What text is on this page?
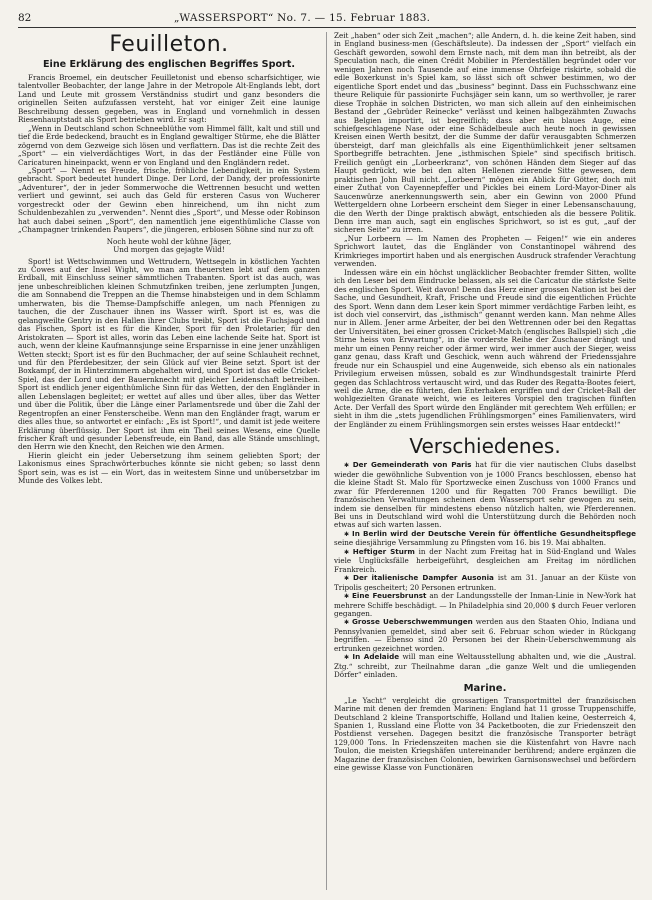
82	„WASSERSPORT“ No. 7. — 15. Februar 1883.
Feuilleton.
Eine Erklärung des englischen Begriffes Sport.

Francis Broemel, ein deutscher Feuilletonist und ebenso scharfsichtiger, wie talentvoller Beobachter, der lange Jahre in der Metropole Alt-Englands lebt, dort Land und Leute mit grossem Verständniss studirt und ganz besonders die originellen Seiten aufzufassen versteht, hat vor einiger Zeit eine launige Beschreibung dessen gegeben, was in England und vornehmlich in dessen Riesenhauptstadt als Sport betrieben wird. Er sagt:

„Wenn in Deutschland schon Schneeblüthe vom Himmel fällt, kalt und still und tief die Erde bedeckend, braucht es in England gewaltiger Stürme, ehe die Blätter zögernd von dem Gezweige sich lösen und verflattern. Das ist die rechte Zeit des „Sport“ — ein vielverdächtiges Wort, in das der Festländer eine Fülle von Caricaturen hineinpackt, wenn er von England und den Engländern redet.

„Sport“ — Nennt es Freude, frische, fröhliche Lebendigkeit, in ein System gebracht. Sport bedeutet hundert Dinge. Der Lord, der Dandy, der professionirte „Adventurer“, der in jeder Sommerwoche die Wettrennen besucht und wetten verliert und gewinnt, sei auch das Geld für ersteren Casus von Wucherer vorgestreckt oder der Gewinn eben hinreichend, um ihn nicht zum Schuldenbezahlen zu „verwenden“. Nennt dies „Sport“, und Messe oder Robinson hat auch dabei seinen „Sport“, den namentlich jene eigenthümliche Classe von „Champagner trinkenden Paupers“, die jüngeren, erblosen Söhne sind nur zu oft

Noch heute wohl der kühne Jäger,
Und morgen das gejagte Wild!

Sport! ist Wettschwimmen und Wettrudern, Wettsegeln in köstlichen Yachten zu Cowes auf der Insel Wight, wo man am theuersten lebt auf dem ganzen Erdball, mit Einschluss seiner sämmtlichen Trabanten. Sport ist das auch, was jene unbeschreiblichen kleinen Schmutzfinken treiben, jene zerlumpten Jungen, die am Sonnabend die Treppen an die Themse hinabsteigen und in dem Schlamm umherwaten, bis die Themse-Dampfschiffe anlegen, um nach Pfennigen zu tauchen, die der Zuschauer ihnen ins Wasser wirft. Sport ist es, was die gelangweilte Gentry in den Hallen ihrer Clubs treibt, Sport ist die Fuchsjagd und das Fischen, Sport ist es für die Kinder, Sport für den Proletarier, für den Aristokraten — Sport ist alles, worin das Leben eine lachende Seite hat. Sport ist auch, wenn der kleine Kaufmannsjunge seine Ersparnisse in eine jener unzähligen Wetten steckt; Sport ist es für den Buchmacher, der auf seine Schlauheit rechnet, und für den Pferdebesitzer, der sein Glück auf vier Beine setzt. Sport ist der Boxkampf, der in Hinterzimmern abgehalten wird, und Sport ist das edle Cricket-Spiel, das der Lord und der Bauernknecht mit gleicher Leidenschaft betreiben. Sport ist endlich jener eigenthümliche Sinn für das Wetten, der den Engländer in allen Lebenslagen begleitet; er wettet auf alles und über alles, über das Wetter und über die Politik, über die Länge einer Parlamentsrede und über die Zahl der Regentropfen an einer Fensterscheibe. Wenn man den Engländer fragt, warum er dies alles thue, so antwortet er einfach: „Es ist Sport!“, und damit ist jede weitere Erklärung überflüssig. Der Sport ist ihm ein Theil seines Wesens, eine Quelle frischer Kraft und gesunder Lebensfreude, ein Band, das alle Stände umschlingt, den Herrn wie den Knecht, den Reichen wie den Armen.

Hierin gleicht ein jeder Uebersetzung ihm seinem geliebten Sport; der Lakonismus eines Sprachwörterbuches könnte sie nicht geben; so lasst denn Sport sein, was es ist — ein Wort, das in weitestem Sinne und unübersetzbar im Munde des Volkes lebt.

Zeit „haben“ oder sich Zeit „machen“; alle Andern, d. h. die keine Zeit haben, sind in England business-men (Geschäftsleute). Da indessen der „Sport“ vielfach ein Geschäft geworden, sowohl dem Ernste nach, mit dem man ihn betreibt, als der Speculation nach, die einen Crédit Mobilier in Pferdeställen begründet oder vor wenigen Jahren noch Tausende auf eine immense Ohrfeige riskirte, sobald die edle Boxerkunst in's Spiel kam, so lässt sich oft schwer bestimmen, wo der eigentliche Sport endet und das „business“ beginnt. Dass ein Fuchsschwanz eine theure Reliquie für passionirte Fuchsjäger sein kann, um so werthvoller, je rarer diese Trophäe in solchen Districten, wo man sich allein auf den einheimischen Bestand der „Gebrüder Reinecke“ verlässt und keinen halbgezähmten Zuwachs aus Belgien importirt, ist begreiflich; dass aber ein blaues Auge, eine schiefgeschlagene Nase oder eine Schädelbeule auch heute noch in gewissen Kreisen einen Werth besitzt, der die Summe der dafür verausgabten Schmerzen übersteigt, darf man gleichfalls als eine Eigenthümlichkeit jener seltsamen Sportbegriffe betrachten. Jene „isthmischen Spiele“ sind specifisch britisch. Freilich genügt ein „Lorbeerkranz“, von schönen Händen dem Sieger auf das Haupt gedrückt, wie bei den alten Hellenen zierende Sitte gewesen, dem praktischen John Bull nicht. „Lorbeern“ mögen ein Ablick für Götter, doch mit einer Zuthat von Cayennepfeffer und Pickles bei einem Lord-Mayor-Diner als Saucenwürze anerkennungswerth sein, aber ein Gewinn von 2000 Pfund Wettergeldern ohne Lorbeern erscheint dem Sieger in einer Lebensanschauung, die den Werth der Dinge praktisch abwägt, entschieden als die bessere Politik. Denn irre man auch, sagt ein englisches Sprichwort, so ist es gut, „auf der sicheren Seite“ zu irren.

„Nur Lorbeern — Im Namen des Propheten — Feigen!“ wie ein anderes Sprichwort lautet, das die Engländer von Constantinopel während des Krimkrieges importirt haben und als energischen Ausdruck strafender Verachtung verwenden.

Indessen wäre ein ein höchst ungläcklicher Beobachter fremder Sitten, wollte ich den Leser bei dem Eindrucke belassen, als sei die Caricatur die stärkste Seite des englischen Sport. Weit davon! Denn das Herz einer grossen Nation ist bei der Sache, und Gesundheit, Kraft, Frische und Freude sind die eigentlichen Früchte des Sport. Wenn dann dem Leser kein Sport mimmer verdächtige Farben leiht, es ist doch viel conservirt, das „isthmisch“ genannt werden kann. Man nehme Alles nur in Allem. Jener arme Arbeiter, der bei den Wettrennen oder bei den Regattas der Universitäten, bei einer grossen Cricket-Match (englisches Ballspiel) sich „die Stirne heiss von Erwartung“, in die vorderste Reihe der Zuschauer drängt und mehr um einen Penny reicher oder ärmer wird, wer immer auch der Sieger, weiss ganz genau, dass Kraft und Geschick, wenn auch während der Friedenssjahre freude nur ein Schauspiel und eine Augenweide, sich ebenso als ein nationales Privilegium erweisen müssen, sobald es zur Windhundsgestalt trainirte Pferd gegen das Schlachtross vertauscht wird, und das Ruder des Regatta-Bootes feiert, weil die Arme, die es führten, den Enterhaken ergriffen und der Cricket-Ball der wohlgezielten Granate weicht, wie es leiteres Vorspiel den tragischen fünften Acte. Der Verfall des Sport würde den Engländer mit gerechtem Weh erfüllen; er sieht in ihm die „stets jugendlichen Frühlingsmorgen“ eines Familienvaters, wird der Engländer zu einem Frühlingsmorgen sein erstes weisses Haar entdeckt!“

Verschiedenes.

✱ Der Gemeinderath von Paris hat für die vier nautischen Clubs daselbst wieder die gewöhnliche Subvention von je 1000 Francs beschlossen, ebenso hat die kleine Stadt St. Malo für Sportzwecke einen Zuschuss von 1000 Francs und zwar für Pferderennen 1200 und für Regatten 700 Francs bewilligt. Die französischen Verwaltungen scheinen dem Wassersport sehr gewogen zu sein, indem sie denselben für mindestens ebenso nützlich halten, wie Pferderennen. Bei uns in Deutschland wird wohl die Unterstützung durch die Behörden noch etwas auf sich warten lassen.

✱ In Berlin wird der Deutsche Verein für öffentliche Gesundheitspflege seine diesjährige Versammlung zu Pfingsten vom 16. bis 19. Mai abhalten.

✱ Heftiger Sturm in der Nacht zum Freitag hat in Süd-England und Wales viele Unglücksfälle herbeigeführt, desgleichen am Freitag im nördlichen Frankreich.

✱ Der italienische Dampfer Ausonia ist am 31. Januar an der Küste von Tripolis gescheitert; 20 Personen ertrunken.

✱ Eine Feuersbrunst an der Landungsstelle der Inman-Linie in New-York hat mehrere Schiffe beschädigt. — In Philadelphia sind 20,000 $ durch Feuer verloren gegangen.

✱ Grosse Ueberschwemmungen werden aus den Staaten Ohio, Indiana und Pennsylvanien gemeldet, sind aber seit 6. Februar schon wieder in Rückgang begriffen. — Ebenso sind 20 Personen bei der Rhein-Ueberschwemmung als ertrunken gezeichnet worden.

✱ In Adelaide will man eine Weltausstellung abhalten und, wie die „Austral. Ztg.“ schreibt, zur Theilnahme daran „die ganze Welt und die umliegenden Dörfer“ einladen.

Marine.

„Le Yacht“ vergleicht die grossartigen Transportmittel der französischen Marine mit denen der fremden Marinen: England hat 11 grosse Truppenschiffe, Deutschland 2 kleine Transportschiffe, Holland und Italien keine, Oesterreich 4, Spanien 1, Russland eine Flotte von 34 Packetbooten, die zur Friedenszeit den Postdienst versehen. Dagegen besitzt die französische Transporter beträgt 129,000 Tons. In Friedenszeiten machen sie die Küstenfahrt von Havre nach Toulon, die meisten Kriegshäfen untereinander berührend; andere ergänzen die Magazine der französischen Colonien, bewirken Garnisonswechsel und befördern eine gewisse Klasse von Functionären
